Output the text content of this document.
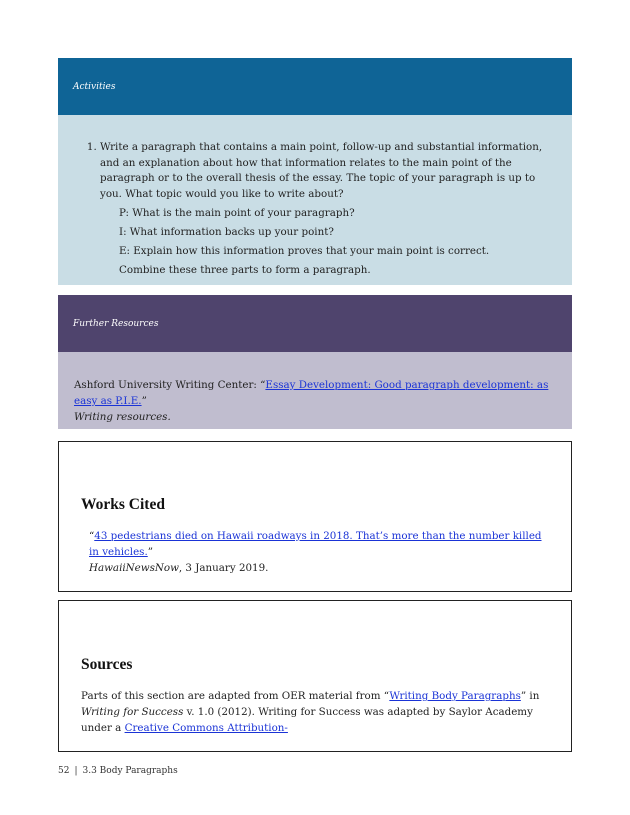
Activities
1. Write a paragraph that contains a main point, follow-up and substantial information, and an explanation about how that information relates to the main point of the paragraph or to the overall thesis of the essay. The topic of your paragraph is up to you. What topic would you like to write about?
P: What is the main point of your paragraph?
I: What information backs up your point?
E: Explain how this information proves that your main point is correct.
Combine these three parts to form a paragraph.
Further Resources
Ashford University Writing Center: “Essay Development: Good paragraph development: as easy as P.I.E.”
Writing resources.
Works Cited
“43 pedestrians died on Hawaii roadways in 2018. That’s more than the number killed in vehicles.”
HawaiiNewsNow, 3 January 2019.
Sources
Parts of this section are adapted from OER material from “Writing Body Paragraphs” in Writing for Success v. 1.0 (2012). Writing for Success was adapted by Saylor Academy under a Creative Commons Attribution-
52 | 3.3 Body Paragraphs
